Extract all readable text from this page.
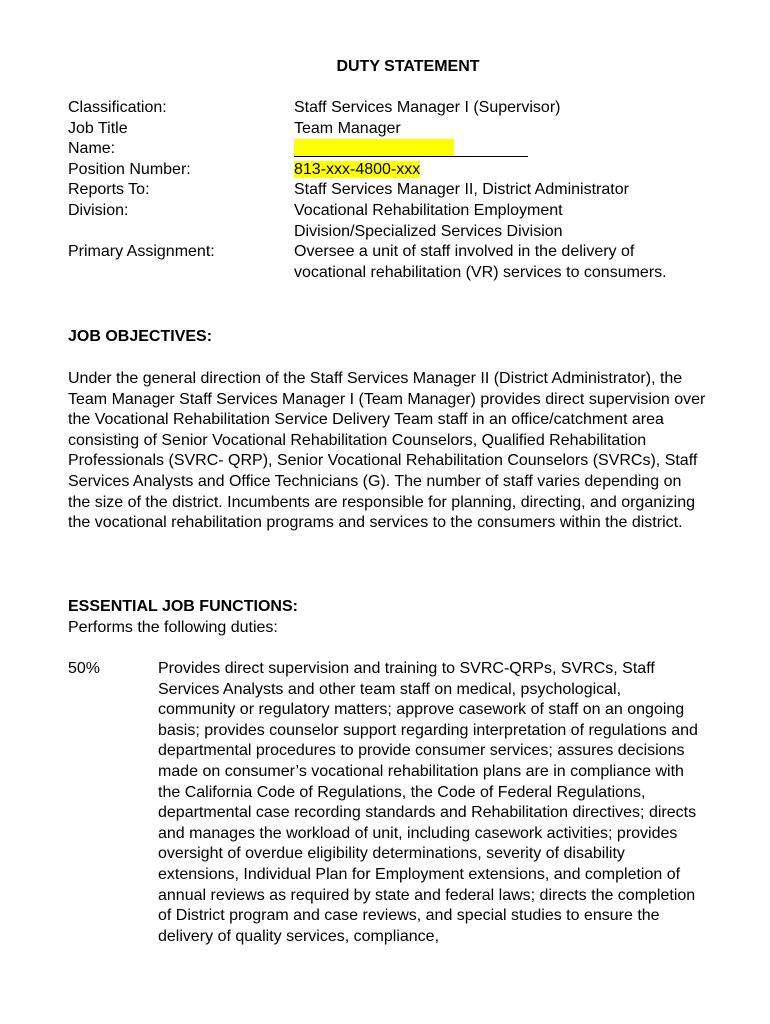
DUTY STATEMENT
Classification:	Staff Services Manager I (Supervisor)
Job Title	Team Manager
Name:
Position Number:	813-xxx-4800-xxx
Reports To:	Staff Services Manager II, District Administrator
Division:	Vocational Rehabilitation Employment Division/Specialized Services Division
Primary Assignment:	Oversee a unit of staff involved in the delivery of vocational rehabilitation (VR) services to consumers.
JOB OBJECTIVES:
Under the general direction of the Staff Services Manager II (District Administrator), the Team Manager Staff Services Manager I (Team Manager) provides direct supervision over the Vocational Rehabilitation Service Delivery Team staff in an office/catchment area consisting of Senior Vocational Rehabilitation Counselors, Qualified Rehabilitation Professionals (SVRC- QRP), Senior Vocational Rehabilitation Counselors (SVRCs), Staff Services Analysts and Office Technicians (G). The number of staff varies depending on the size of the district. Incumbents are responsible for planning, directing, and organizing the vocational rehabilitation programs and services to the consumers within the district.
ESSENTIAL JOB FUNCTIONS:
Performs the following duties:
50%	Provides direct supervision and training to SVRC-QRPs, SVRCs, Staff Services Analysts and other team staff on medical, psychological, community or regulatory matters; approve casework of staff on an ongoing basis; provides counselor support regarding interpretation of regulations and departmental procedures to provide consumer services; assures decisions made on consumer’s vocational rehabilitation plans are in compliance with the California Code of Regulations, the Code of Federal Regulations, departmental case recording standards and Rehabilitation directives; directs and manages the workload of unit, including casework activities; provides oversight of overdue eligibility determinations, severity of disability extensions, Individual Plan for Employment extensions, and completion of annual reviews as required by state and federal laws; directs the completion of District program and case reviews, and special studies to ensure the delivery of quality services, compliance,
